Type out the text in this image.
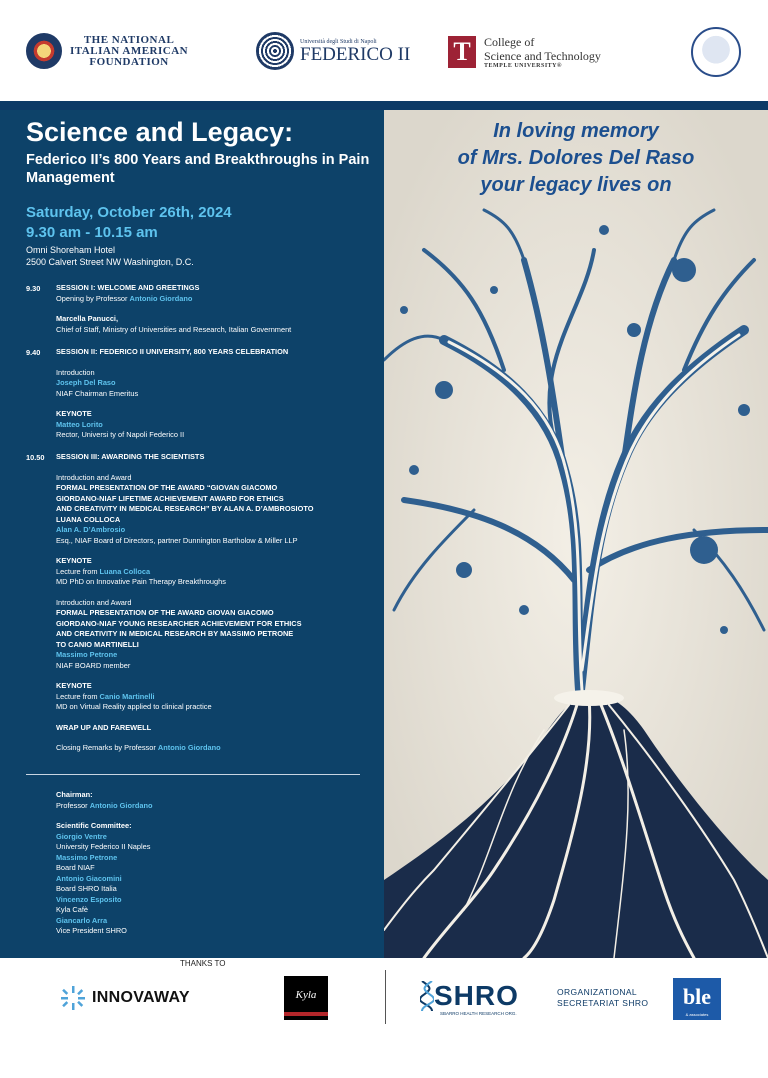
THE NATIONAL
ITALIAN AMERICAN
FOUNDATION
Università degli Studi di Napoli
FEDERICO II T	College of
Science and Technology
TEMPLE UNIVERSITY®
Science and Legacy:
Federico II’s 800 Years and Breakthroughs in Pain Management
Saturday, October 26th, 2024
9.30 am - 10.15 am
Omni Shoreham Hotel
2500 Calvert Street NW Washington, D.C.
9.30 SESSION I: WELCOME AND GREETINGS
Opening by Professor Antonio Giordano
Marcella Panucci,
Chief of Staff, Ministry of Universities and Research, Italian Government
9.40 SESSION II: FEDERICO II UNIVERSITY, 800 YEARS CELEBRATION
Introduction
Joseph Del Raso
NIAF Chairman Emeritus
KEYNOTE
Matteo Lorito
Rector, Universi ty of Napoli Federico II
10.50 SESSION III: AWARDING THE SCIENTISTS
Introduction and Award
FORMAL PRESENTATION OF THE AWARD “GIOVAN GIACOMO
GIORDANO-NIAF LIFETIME ACHIEVEMENT AWARD FOR ETHICS
AND CREATIVITY IN MEDICAL RESEARCH” BY ALAN A. D’AMBROSIOTO
LUANA COLLOCA
Alan A. D’Ambrosio
Esq., NIAF Board of Directors, partner Dunnington Bartholow & Miller LLP
KEYNOTE
Lecture from Luana Colloca
MD PhD on Innovative Pain Therapy Breakthroughs
Introduction and Award
FORMAL PRESENTATION OF THE AWARD GIOVAN GIACOMO
GIORDANO-NIAF YOUNG RESEARCHER ACHIEVEMENT FOR ETHICS
AND CREATIVITY IN MEDICAL RESEARCH BY MASSIMO PETRONE
TO CANIO MARTINELLI
Massimo Petrone
NIAF BOARD member
KEYNOTE
Lecture from Canio Martinelli
MD on Virtual Reality applied to clinical practice
WRAP UP AND FAREWELL
Closing Remarks by Professor Antonio Giordano
Chairman:
Professor Antonio Giordano
Scientific Committee:
Giorgio Ventre
University Federico II Naples
Massimo Petrone
Board NIAF
Antonio Giacomini
Board SHRO Italia
Vincenzo Esposito
Kyla Cafè
Giancarlo Arra
Vice President SHRO
In loving memory
of Mrs. Dolores Del Raso
your legacy lives on
THANKS TO
INNOVAWAY	Kyla	SHRO
SBARRO HEALTH RESEARCH ORG.
ORGANIZATIONAL
SECRETARIAT SHRO	ble
& associates
